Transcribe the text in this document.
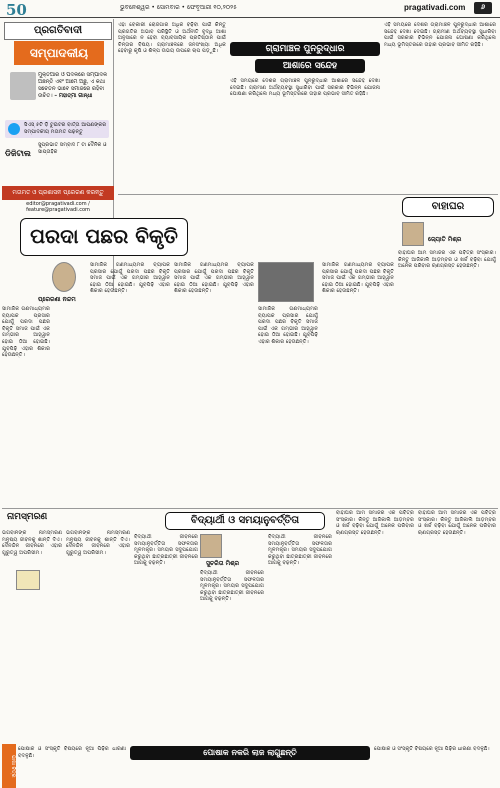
50	ଭୁବନେଶ୍ୱର • ସୋମବାର • ଫେବୃଆରୀ ୧୦,୨୦୨୫	pragativadi.com	୬
ପ୍ରଗତିବାଦୀ
ସମ୍ପାଦକୀୟ
ମୁକ୍ତିଆର ଓ ପଦକରେ ସମ୍ପାଦକ ଅଛନ୍ତି ଏବଂ ଆମେ ଅଛୁ, ଏ କଥା ସଚେତନ ଭାବେ ସମାଜରେ ରହିବା ଉଚିତ। – ମହାତ୍ମା ଗାନ୍ଧୀ
ସିଏସ୍ ୫ଟି ଡ଼ି ଟୁଇଟର ବାର୍ତ୍ତା ଆପଣଙ୍କର ସମ୍ପାଦକୀୟ ମତାମତ ପଢ଼ନ୍ତୁ
ଡିଜିଟାଲ
ସୁପ୍ରଭାତ ସମ୍ବାଦ ୮ ଟା ଦୈନିକ ଓ ସାପ୍ତାହିକ
ମତାମତ ଓ ପ୍ରଶାସନ ପ୍ରେରଣ କରନ୍ତୁ
editor@pragativadi.com / feature@pragativadi.com
ଏହା ବେକାରୀ ରୋଜଗାର ଅଧିକ ବଢ଼ିବା ପାଇଁ କିନ୍ତୁ ପ୍ରଗତିର ଅଭାବ ପରିସ୍ଥିତି ଓ ଅର୍ଥନୀତି ବୃଦ୍ଧି ଆଶା ଅନୁସାରେ ନ ହେବା ବ୍ୟାବସାୟିକ ପ୍ରତିଷ୍ଠାନ ପାଇଁ ଚିନ୍ତାର ବିଷୟ। ଗ୍ରାମାଞ୍ଚଳରେ ଜନସଂଖ୍ୟା ଅଧିକ ହେବାରୁ କୃଷି ଓ ଶିଳ୍ପ ଉଭୟ ଉପରେ ଚାପ ପଡ଼ୁଛି।	ଗ୍ରାମାଞ୍ଚଳ ପୁନରୁଦ୍ଧାର
ଆଶାରେ ସନ୍ଦେହ
ଏହି ସମୟରେ ଦେଶର ଗ୍ରାମାଞ୍ଚଳ ପୁନରୁଦ୍ଧାର ଆଶାରେ ସନ୍ଦେହ ଦେଖା ଦେଇଛି। ଗ୍ରାମୀଣ ଅର୍ଥବ୍ୟବସ୍ଥା ସୁଧାରିବା ପାଇଁ ସରକାର ବିଭିନ୍ନ ଯୋଜନା ଘୋଷଣା କରିଥିଲେ ମଧ୍ୟ ଭୂମିସ୍ତରରେ ତାହାର ପ୍ରଭାବ ସୀମିତ ରହିଛି।
ଏହି ସମୟରେ ଦେଶର ଗ୍ରାମାଞ୍ଚଳ ପୁନରୁଦ୍ଧାର ଆଶାରେ ସନ୍ଦେହ ଦେଖା ଦେଇଛି। ଗ୍ରାମୀଣ ଅର୍ଥବ୍ୟବସ୍ଥା ସୁଧାରିବା ପାଇଁ ସରକାର ବିଭିନ୍ନ ଯୋଜନା ଘୋଷଣା କରିଥିଲେ ମଧ୍ୟ ଭୂମିସ୍ତରରେ ତାହାର ପ୍ରଭାବ ସୀମିତ ରହିଛି।
ପରଦା ପଛର ବିକୃତି
ପ୍ରେରଣା ନନ୍ଦମ
ସାମାଜିକ ଗଣମାଧ୍ୟମର ବ୍ୟାପକ ପ୍ରସାର ଯୋଗୁଁ ପରଦା ପଛର ବିକୃତି ସମାଜ ପାଇଁ ଏକ ଗମ୍ଭୀର ଆହ୍ୱାନ ହୋଇ ଠିଆ ହୋଇଛି। ଯୁବପିଢ଼ି ଏହାର ଶିକାର ହେଉଛନ୍ତି।
ସାମାଜିକ ଗଣମାଧ୍ୟମର ବ୍ୟାପକ ପ୍ରସାର ଯୋଗୁଁ ପରଦା ପଛର ବିକୃତି ସମାଜ ପାଇଁ ଏକ ଗମ୍ଭୀର ଆହ୍ୱାନ ହୋଇ ଠିଆ ହୋଇଛି। ଯୁବପିଢ଼ି ଏହାର ଶିକାର ହେଉଛନ୍ତି।
ସାମାଜିକ ଗଣମାଧ୍ୟମର ବ୍ୟାପକ ପ୍ରସାର ଯୋଗୁଁ ପରଦା ପଛର ବିକୃତି ସମାଜ ପାଇଁ ଏକ ଗମ୍ଭୀର ଆହ୍ୱାନ ହୋଇ ଠିଆ ହୋଇଛି। ଯୁବପିଢ଼ି ଏହାର ଶିକାର ହେଉଛନ୍ତି।
ସାମାଜିକ ଗଣମାଧ୍ୟମର ବ୍ୟାପକ ପ୍ରସାର ଯୋଗୁଁ ପରଦା ପଛର ବିକୃତି ସମାଜ ପାଇଁ ଏକ ଗମ୍ଭୀର ଆହ୍ୱାନ ହୋଇ ଠିଆ ହୋଇଛି। ଯୁବପିଢ଼ି ଏହାର ଶିକାର ହେଉଛନ୍ତି।
ସାମାଜିକ ଗଣମାଧ୍ୟମର ବ୍ୟାପକ ପ୍ରସାର ଯୋଗୁଁ ପରଦା ପଛର ବିକୃତି ସମାଜ ପାଇଁ ଏକ ଗମ୍ଭୀର ଆହ୍ୱାନ ହୋଇ ଠିଆ ହୋଇଛି। ଯୁବପିଢ଼ି ଏହାର ଶିକାର ହେଉଛନ୍ତି।
ବାହାଘର
ଜ୍ୟୋତି ମିଶ୍ର
ବାହାଘର ଆମ ସମାଜର ଏକ ପବିତ୍ର ସଂସ୍କାର। କିନ୍ତୁ ଆଜିକାଲି ଆଡ଼ମ୍ବର ଓ ଖର୍ଚ୍ଚ ବଢ଼ିବା ଯୋଗୁଁ ଅନେକ ପରିବାର ଋଣଗ୍ରସ୍ତ ହେଉଛନ୍ତି।
ନାମସ୍ମରଣ
ଭଗବାନଙ୍କ ନାମସ୍ମରଣ ମନୁଷ୍ୟ ଜୀବନକୁ ଶାନ୍ତି ଦିଏ। ଦୈନନ୍ଦିନ ଜୀବନରେ ଏହାର ଗୁରୁତ୍ୱ ଅପରିସୀମ।
ଭଗବାନଙ୍କ ନାମସ୍ମରଣ ମନୁଷ୍ୟ ଜୀବନକୁ ଶାନ୍ତି ଦିଏ। ଦୈନନ୍ଦିନ ଜୀବନରେ ଏହାର ଗୁରୁତ୍ୱ ଅପରିସୀମ।
ବିଦ୍ୟାର୍ଥୀ ଓ ସମୟାନୁବର୍ତ୍ତିତା
ବିଦ୍ୟାର୍ଥୀ ଜୀବନରେ ସମୟାନୁବର୍ତ୍ତିତା ସଫଳତାର ମୂଳମନ୍ତ୍ର। ସମୟର ସଦୁପଯୋଗ କରୁଥିବା ଛାତ୍ରଛାତ୍ରୀ ଜୀବନରେ ଆଗକୁ ବଢ଼ନ୍ତି।	ସୁଚରିତା ମିଶ୍ର
ବିଦ୍ୟାର୍ଥୀ ଜୀବନରେ ସମୟାନୁବର୍ତ୍ତିତା ସଫଳତାର ମୂଳମନ୍ତ୍ର। ସମୟର ସଦୁପଯୋଗ କରୁଥିବା ଛାତ୍ରଛାତ୍ରୀ ଜୀବନରେ ଆଗକୁ ବଢ଼ନ୍ତି।
ବିଦ୍ୟାର୍ଥୀ ଜୀବନରେ ସମୟାନୁବର୍ତ୍ତିତା ସଫଳତାର ମୂଳମନ୍ତ୍ର। ସମୟର ସଦୁପଯୋଗ କରୁଥିବା ଛାତ୍ରଛାତ୍ରୀ ଜୀବନରେ ଆଗକୁ ବଢ଼ନ୍ତି।
ବାହାଘର ଆମ ସମାଜର ଏକ ପବିତ୍ର ସଂସ୍କାର। କିନ୍ତୁ ଆଜିକାଲି ଆଡ଼ମ୍ବର ଓ ଖର୍ଚ୍ଚ ବଢ଼ିବା ଯୋଗୁଁ ଅନେକ ପରିବାର ଋଣଗ୍ରସ୍ତ ହେଉଛନ୍ତି।
ବାହାଘର ଆମ ସମାଜର ଏକ ପବିତ୍ର ସଂସ୍କାର। କିନ୍ତୁ ଆଜିକାଲି ଆଡ଼ମ୍ବର ଓ ଖର୍ଚ୍ଚ ବଢ଼ିବା ଯୋଗୁଁ ଅନେକ ପରିବାର ଋଣଗ୍ରସ୍ତ ହେଉଛନ୍ତି।
ଭାଷା ଚିତ୍ର
ପୋଷାକ ଓ ସଂସ୍କୃତି ବିଷୟରେ ନୂଆ ପିଢ଼ିର ଧାରଣା ବଦଳୁଛି।	ପୋଷାକ ନକରି ଲାଜ ଲାଗୁଛନ୍ତି	ପୋଷାକ ଓ ସଂସ୍କୃତି ବିଷୟରେ ନୂଆ ପିଢ଼ିର ଧାରଣା ବଦଳୁଛି।
